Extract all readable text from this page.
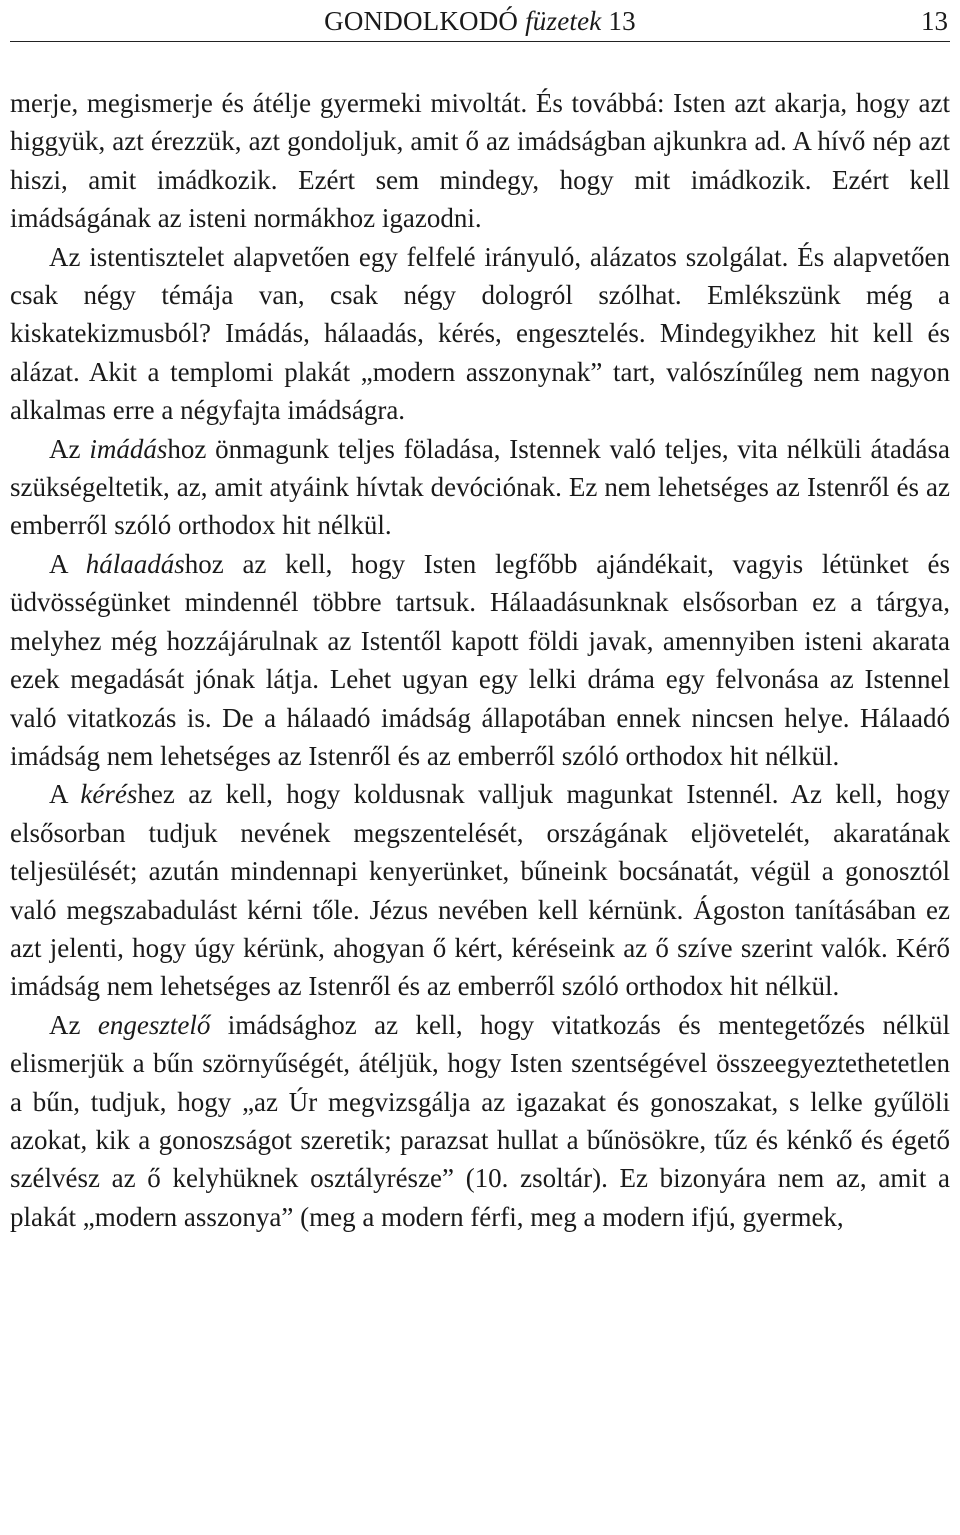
GONDOLKODÓ füzetek 13	13

merje, megismerje és átélje gyermeki mivoltát. És továbbá: Isten azt akarja, hogy azt higgyük, azt érezzük, azt gondoljuk, amit ő az imádságban ajkunkra ad. A hívő nép azt hiszi, amit imádkozik. Ezért sem mindegy, hogy mit imádkozik. Ezért kell imádságának az isteni normákhoz igazodni.

Az istentisztelet alapvetően egy felfelé irányuló, alázatos szolgálat. És alapvetően csak négy témája van, csak négy dologról szólhat. Emlékszünk még a kiskatekizmusból? Imádás, hálaadás, kérés, engesztelés. Mindegyikhez hit kell és alázat. Akit a templomi plakát „modern asszonynak” tart, valószínűleg nem nagyon alkalmas erre a négyfajta imádságra.

Az imádáshoz önmagunk teljes föladása, Istennek való teljes, vita nélküli átadása szükségeltetik, az, amit atyáink hívtak devóciónak. Ez nem lehetséges az Istenről és az emberről szóló orthodox hit nélkül.

A hálaadáshoz az kell, hogy Isten legfőbb ajándékait, vagyis létünket és üdvösségünket mindennél többre tartsuk. Hálaadásunknak elsősorban ez a tárgya, melyhez még hozzájárulnak az Istentől kapott földi javak, amennyiben isteni akarata ezek megadását jónak látja. Lehet ugyan egy lelki dráma egy felvonása az Istennel való vitatkozás is. De a hálaadó imádság állapotában ennek nincsen helye. Hálaadó imádság nem lehetséges az Istenről és az emberről szóló orthodox hit nélkül.

A kéréshez az kell, hogy koldusnak valljuk magunkat Istennél. Az kell, hogy elsősorban tudjuk nevének megszentelését, országának eljövetelét, akaratának teljesülését; azután mindennapi kenyerünket, bűneink bocsánatát, végül a gonosztól való megszabadulást kérni tőle. Jézus nevében kell kérnünk. Ágoston tanításában ez azt jelenti, hogy úgy kérünk, ahogyan ő kért, kéréseink az ő szíve szerint valók. Kérő imádság nem lehetséges az Istenről és az emberről szóló orthodox hit nélkül.

Az engesztelő imádsághoz az kell, hogy vitatkozás és mentegetőzés nélkül elismerjük a bűn szörnyűségét, átéljük, hogy Isten szentségével összeegyeztethetetlen a bűn, tudjuk, hogy „az Úr megvizsgálja az igazakat és gonoszakat, s lelke gyűlöli azokat, kik a gonoszságot szeretik; parazsat hullat a bűnösökre, tűz és kénkő és égető szélvész az ő kelyhüknek osztályrésze” (10. zsoltár). Ez bizonyára nem az, amit a plakát „modern asszonya” (meg a modern férfi, meg a modern ifjú, gyermek,
